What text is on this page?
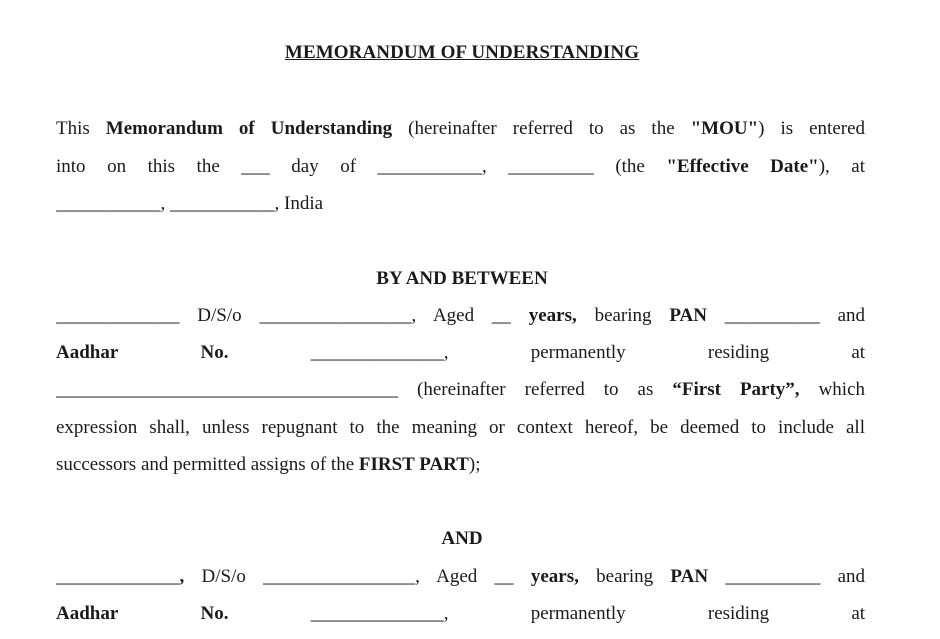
MEMORANDUM OF UNDERSTANDING
This Memorandum of Understanding (hereinafter referred to as the "MOU") is entered
into on this the ___ day of ___________, _________ (the "Effective Date"), at
___________, ___________, India
BY AND BETWEEN
_____________ D/S/o ________________, Aged __ years, bearing PAN __________ and
Aadhar	No.	______________,	permanently	residing	at
____________________________________ (hereinafter referred to as “First Party”, which
expression shall, unless repugnant to the meaning or context hereof, be deemed to include all
successors and permitted assigns of the FIRST PART);
AND
_____________, D/S/o ________________, Aged __ years, bearing PAN __________ and
Aadhar	No.	______________,	permanently	residing	at
